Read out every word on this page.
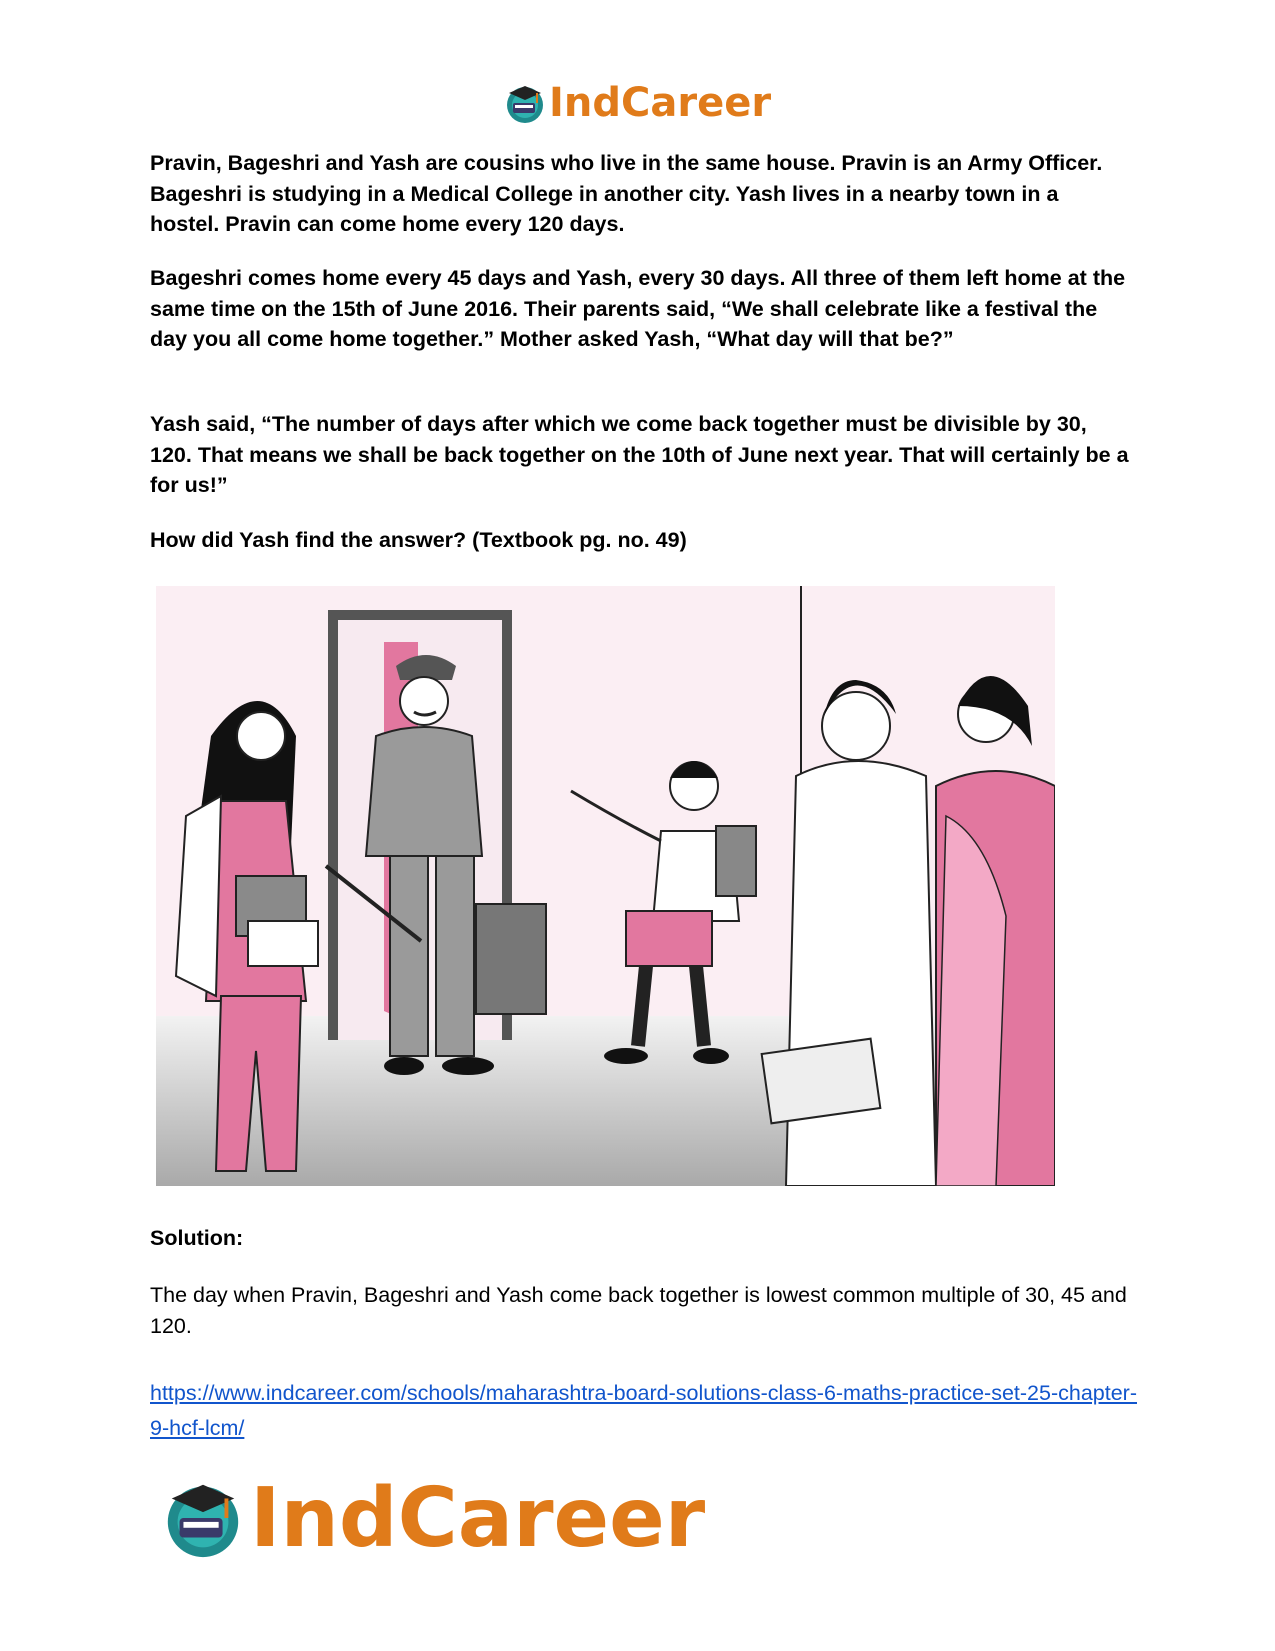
IndCareer

Pravin, Bageshri and Yash are cousins who live in the same house. Pravin is an Army Officer. Bageshri is studying in a Medical College in another city. Yash lives in a nearby town in a hostel. Pravin can come home every 120 days.

Bageshri comes home every 45 days and Yash, every 30 days. All three of them left home at the same time on the 15th of June 2016. Their parents said, “We shall celebrate like a festival the day you all come home together.” Mother asked Yash, “What day will that be?”

Yash said, “The number of days after which we come back together must be divisible by 30, 120. That means we shall be back together on the 10th of June next year. That will certainly be a for us!”

How did Yash find the answer? (Textbook pg. no. 49)

Solution:
The day when Pravin, Bageshri and Yash come back together is lowest common multiple of 30, 45 and 120.
https://www.indcareer.com/schools/maharashtra-board-solutions-class-6-maths-practice-set-25-chapter-9-hcf-lcm/
IndCareer
